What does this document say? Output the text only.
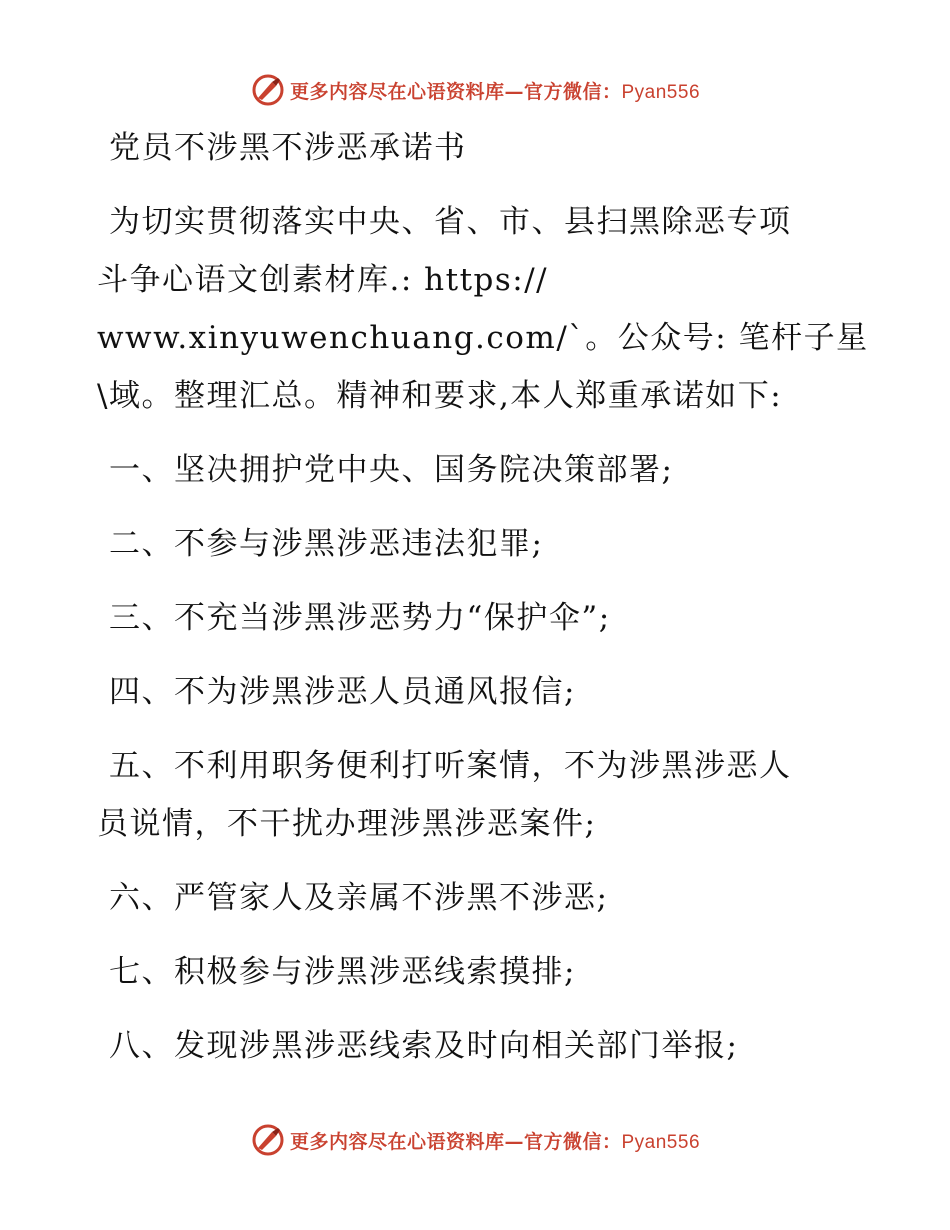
更多内容尽在心语资料库—官方微信：Pyan556
党员不涉黑不涉恶承诺书
为切实贯彻落实中央、省、市、县扫黑除恶专项
斗争心语文创素材库.: https://
www.xinyuwenchuang.com/`。公众号: 笔杆子星
\域。整理汇总。精神和要求,本人郑重承诺如下:
一、坚决拥护党中央、国务院决策部署;
二、不参与涉黑涉恶违法犯罪;
三、不充当涉黑涉恶势力“保护伞”;
四、不为涉黑涉恶人员通风报信;
五、不利用职务便利打听案情，不为涉黑涉恶人
员说情，不干扰办理涉黑涉恶案件;
六、严管家人及亲属不涉黑不涉恶;
七、积极参与涉黑涉恶线索摸排;
八、发现涉黑涉恶线索及时向相关部门举报;
更多内容尽在心语资料库—官方微信：Pyan556
